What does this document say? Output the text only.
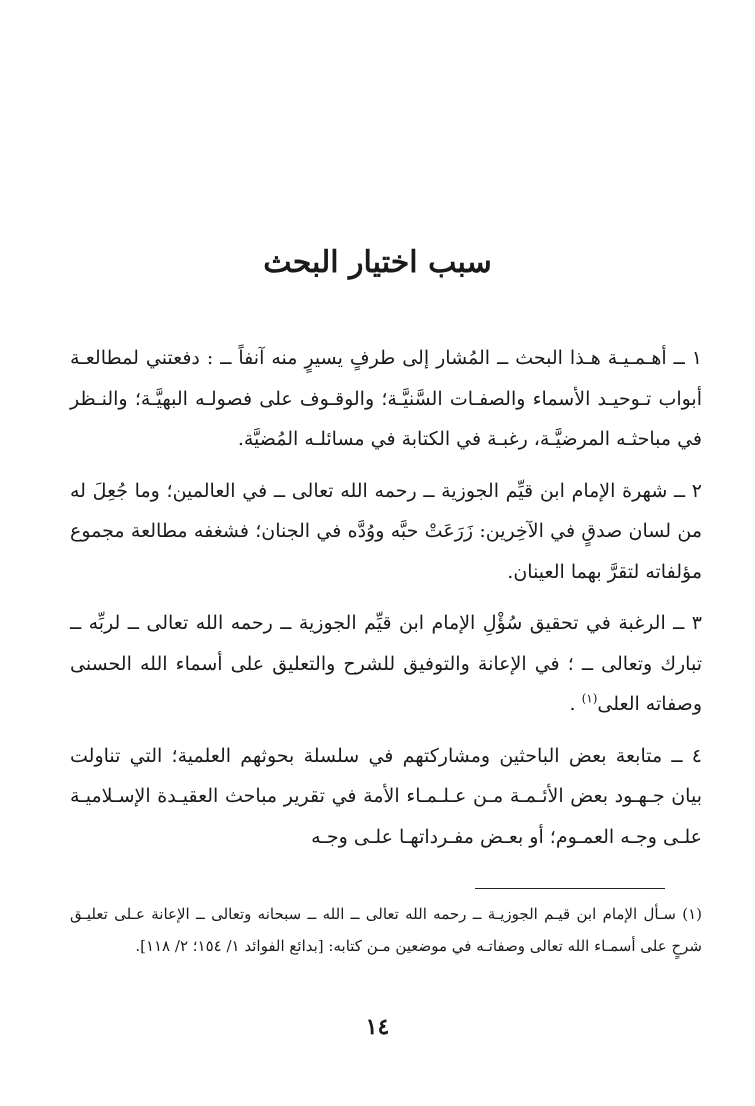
سبب اختيار البحث

١ ــ أهـمـيـة هـذا البحث ــ المُشار إلى طرفٍ يسيرٍ منه آنفاً ــ : دفعتني لمطالعـة أبواب تـوحيـد الأسماء والصفـات السَّنيَّـة؛ والوقـوف على فصولـه البهيَّـة؛ والنـظر في مباحثـه المرضيَّـة، رغبـة في الكتابة في مسائلـه المُضيَّة.

٢ ــ شهرة الإمام ابن قيِّم الجوزية ــ رحمه الله تعالى ــ في العالمين؛ وما جُعِلَ له من لسان صدقٍ في الآخِرين: زَرَعَتْ حبَّه ووُدَّه في الجنان؛ فشغفه مطالعة مجموع مؤلفاته لتقرَّ بهما العينان.

٣ ــ الرغبة في تحقيق سُؤْلِ الإمام ابن قيِّم الجوزية ــ رحمه الله تعالى ــ لربِّه ــ تبارك وتعالى ــ ؛ في الإعانة والتوفيق للشرح والتعليق على أسماء الله الحسنى وصفاته العلى$^{(١)}$ .

٤ ــ متابعة بعض الباحثين ومشاركتهم في سلسلة بحوثهم العلمية؛ التي تناولت بيان جـهـود بعض الأئـمـة مـن عـلـمـاء الأمة في تقرير مباحث العقيـدة الإسـلاميـة علـى وجـه العمـوم؛ أو بعـض مفـرداتهـا علـى وجـه

(١) سـأل الإمام ابن قيـم الجوزيـة ــ رحمه الله تعالى ــ الله ــ سبحانه وتعالى ــ الإعانة عـلى تعليـق شرحٍ على أسمـاء الله تعالى وصفاتـه في موضعين مـن كتابه: [بدائع الفوائد ١/ ١٥٤؛ ٢/ ١١٨].

١٤
